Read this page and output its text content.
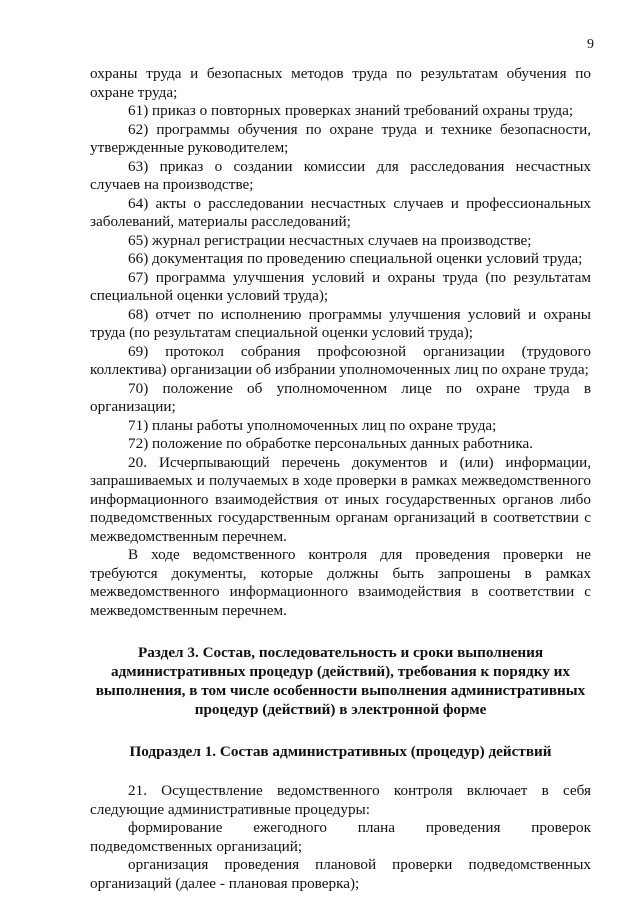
9

охраны труда и безопасных методов труда по результатам обучения по охране труда;

61) приказ о повторных проверках знаний требований охраны труда;

62) программы обучения по охране труда и технике безопасности, утвержденные руководителем;

63) приказ о создании комиссии для расследования несчастных случаев на производстве;

64) акты о расследовании несчастных случаев и профессиональных заболеваний, материалы расследований;

65) журнал регистрации несчастных случаев на производстве;

66) документация по проведению специальной оценки условий труда;

67) программа улучшения условий и охраны труда (по результатам специальной оценки условий труда);

68) отчет по исполнению программы улучшения условий и охраны труда (по результатам специальной оценки условий труда);

69) протокол собрания профсоюзной организации (трудового коллектива) организации об избрании уполномоченных лиц по охране труда;

70) положение об уполномоченном лице по охране труда в организации;

71) планы работы уполномоченных лиц по охране труда;

72) положение по обработке персональных данных работника.

20. Исчерпывающий перечень документов и (или) информации, запрашиваемых и получаемых в ходе проверки в рамках межведомственного информационного взаимодействия от иных государственных органов либо подведомственных государственным органам организаций в соответствии с межведомственным перечнем.

В ходе ведомственного контроля для проведения проверки не требуются документы, которые должны быть запрошены в рамках межведомственного информационного взаимодействия в соответствии с межведомственным перечнем.

Раздел 3. Состав, последовательность и сроки выполнения административных процедур (действий), требования к порядку их выполнения, в том числе особенности выполнения административных процедур (действий) в электронной форме

Подраздел 1. Состав административных (процедур) действий

21. Осуществление ведомственного контроля включает в себя следующие административные процедуры:

формирование ежегодного плана проведения проверок подведомственных организаций;

организация проведения плановой проверки подведомственных организаций (далее - плановая проверка);
